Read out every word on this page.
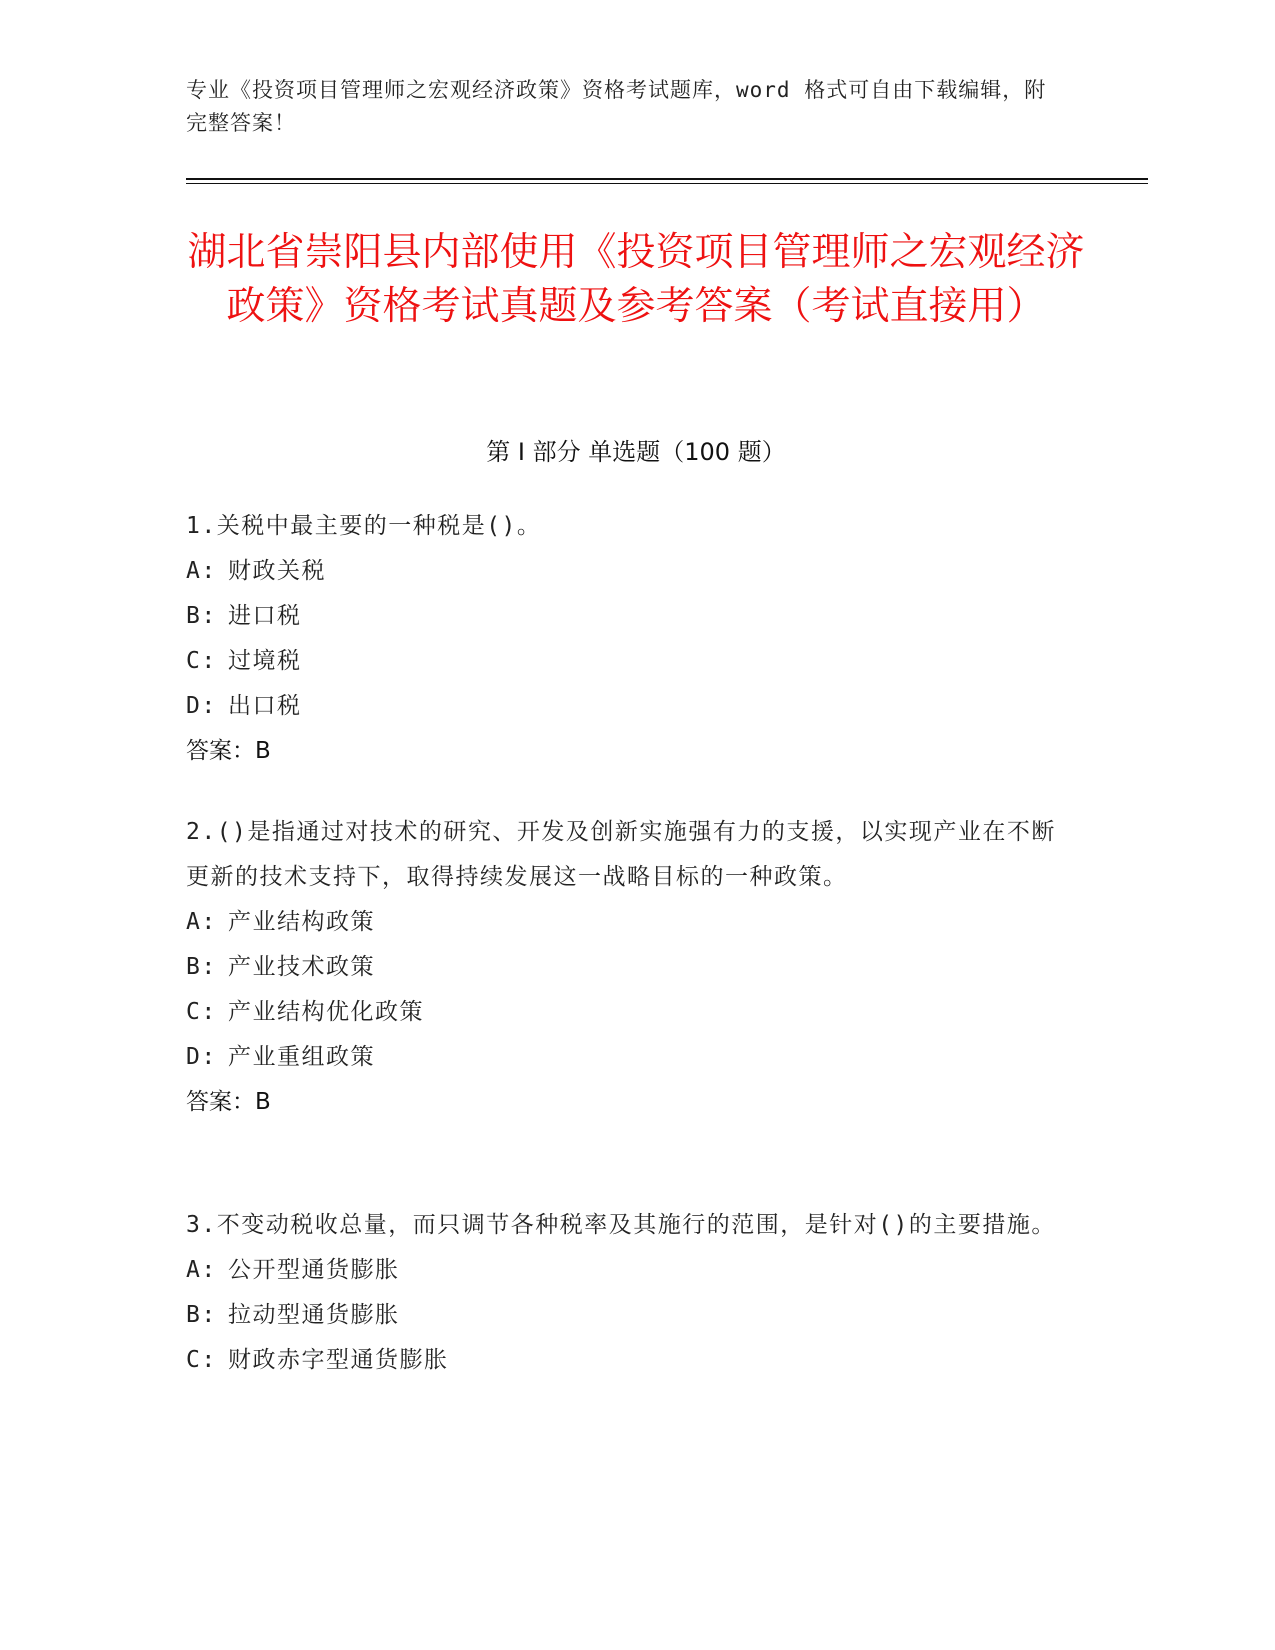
专业《投资项目管理师之宏观经济政策》资格考试题库，word 格式可自由下载编辑，附完整答案！
湖北省崇阳县内部使用《投资项目管理师之宏观经济政策》资格考试真题及参考答案（考试直接用）
第 I 部分 单选题（100 题）
1.关税中最主要的一种税是()。
A: 财政关税
B: 进口税
C: 过境税
D: 出口税
答案：B
2.()是指通过对技术的研究、开发及创新实施强有力的支援，以实现产业在不断更新的技术支持下，取得持续发展这一战略目标的一种政策。
A: 产业结构政策
B: 产业技术政策
C: 产业结构优化政策
D: 产业重组政策
答案：B
3.不变动税收总量，而只调节各种税率及其施行的范围，是针对()的主要措施。
A: 公开型通货膨胀
B: 拉动型通货膨胀
C: 财政赤字型通货膨胀
